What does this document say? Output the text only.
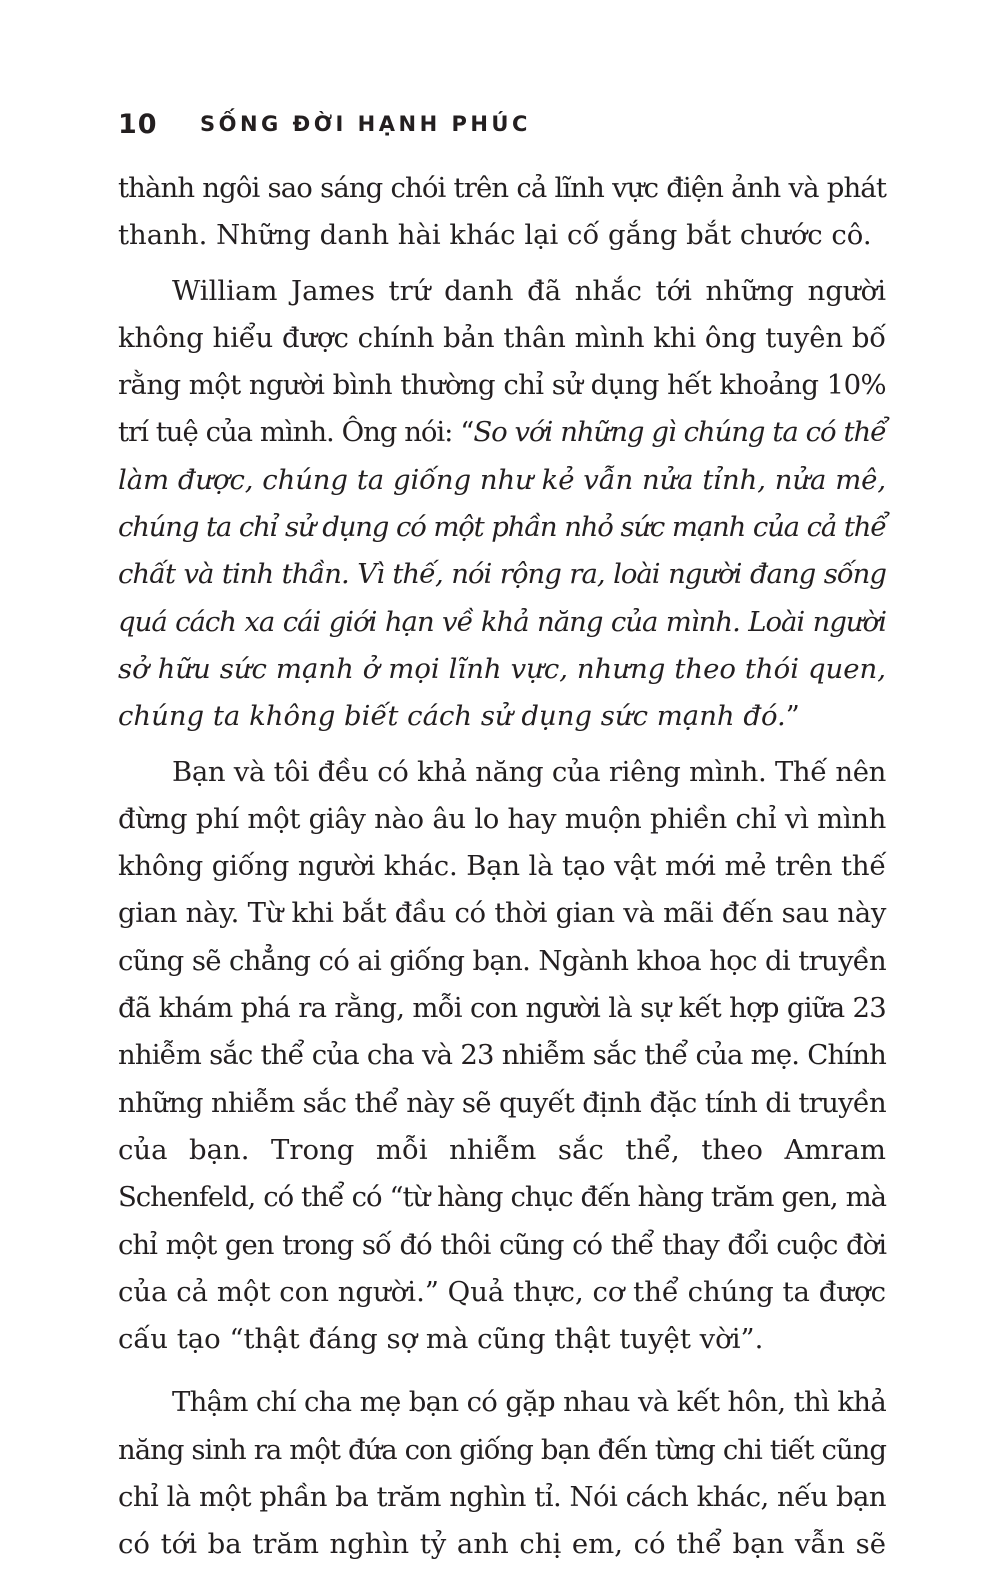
10	SỐNG ĐỜI HẠNH PHÚC
thành ngôi sao sáng chói trên cả lĩnh vực điện ảnh và phát
thanh. Những danh hài khác lại cố gắng bắt chước cô.
William James trứ danh đã nhắc tới những người
không hiểu được chính bản thân mình khi ông tuyên bố
rằng một người bình thường chỉ sử dụng hết khoảng 10%
trí tuệ của mình. Ông nói: “So với những gì chúng ta có thể
làm được, chúng ta giống như kẻ vẫn nửa tỉnh, nửa mê,
chúng ta chỉ sử dụng có một phần nhỏ sức mạnh của cả thể
chất và tinh thần. Vì thế, nói rộng ra, loài người đang sống
quá cách xa cái giới hạn về khả năng của mình. Loài người
sở hữu sức mạnh ở mọi lĩnh vực, nhưng theo thói quen,
chúng ta không biết cách sử dụng sức mạnh đó.”
Bạn và tôi đều có khả năng của riêng mình. Thế nên
đừng phí một giây nào âu lo hay muộn phiền chỉ vì mình
không giống người khác. Bạn là tạo vật mới mẻ trên thế
gian này. Từ khi bắt đầu có thời gian và mãi đến sau này
cũng sẽ chẳng có ai giống bạn. Ngành khoa học di truyền
đã khám phá ra rằng, mỗi con người là sự kết hợp giữa 23
nhiễm sắc thể của cha và 23 nhiễm sắc thể của mẹ. Chính
những nhiễm sắc thể này sẽ quyết định đặc tính di truyền
của bạn. Trong mỗi nhiễm sắc thể, theo Amram
Schenfeld, có thể có “từ hàng chục đến hàng trăm gen, mà
chỉ một gen trong số đó thôi cũng có thể thay đổi cuộc đời
của cả một con người.” Quả thực, cơ thể chúng ta được
cấu tạo “thật đáng sợ mà cũng thật tuyệt vời”.
Thậm chí cha mẹ bạn có gặp nhau và kết hôn, thì khả
năng sinh ra một đứa con giống bạn đến từng chi tiết cũng
chỉ là một phần ba trăm nghìn tỉ. Nói cách khác, nếu bạn
có tới ba trăm nghìn tỷ anh chị em, có thể bạn vẫn sẽ
